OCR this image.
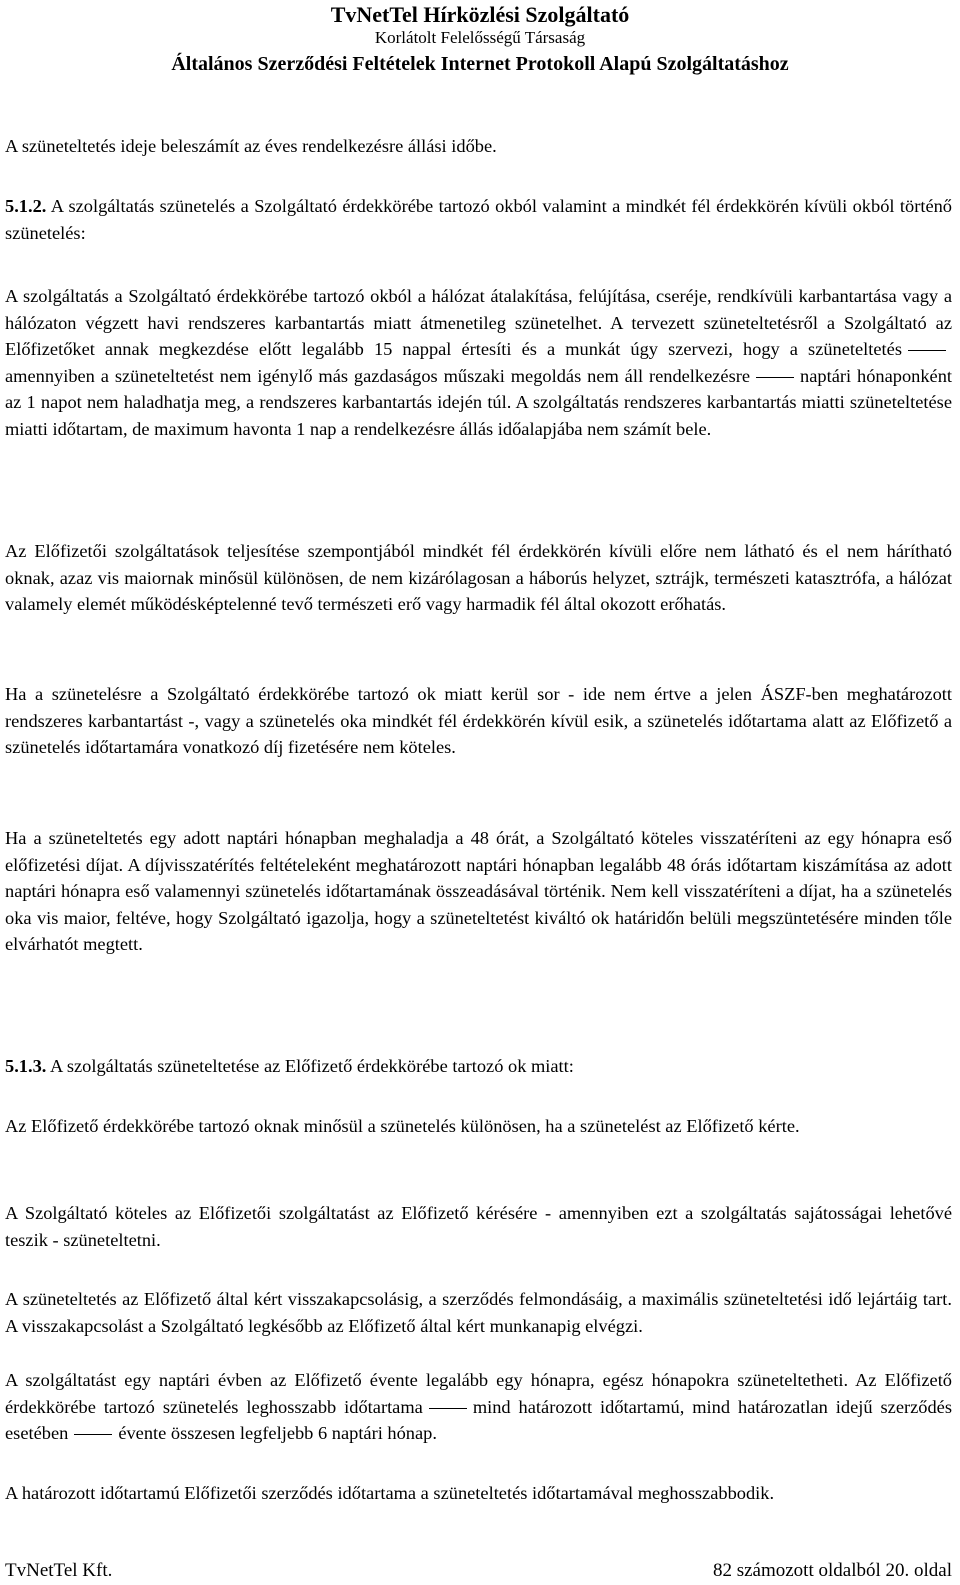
TvNetTel Hírközlési Szolgáltató
Korlátolt Felelősségű Társaság
Általános Szerződési Feltételek Internet Protokoll Alapú Szolgáltatáshoz

A szüneteltetés ideje beleszámít az éves rendelkezésre állási időbe.

5.1.2. A szolgáltatás szünetelés a Szolgáltató érdekkörébe tartozó okból valamint a mindkét fél érdekkörén kívüli okból történő szünetelés:

A szolgáltatás a Szolgáltató érdekkörébe tartozó okból a hálózat átalakítása, felújítása, cseréje, rendkívüli karbantartása vagy a hálózaton végzett havi rendszeres karbantartás miatt átmenetileg szünetelhet. A tervezett szüneteltetésről a Szolgáltató az Előfizetőket annak megkezdése előtt legalább 15 nappal értesíti és a munkát úgy szervezi, hogy a szüneteltetésamennyiben a szüneteltetést nem igénylő más gazdaságos műszaki megoldás nem áll rendelkezésre	naptári hónaponként az 1 napot nem haladhatja meg, a rendszeres karbantartás idején túl. A szolgáltatás rendszeres karbantartás miatti szüneteltetése miatti időtartam, de maximum havonta 1 nap a rendelkezésre állás időalapjába nem számít bele.

Az Előfizetői szolgáltatások teljesítése szempontjából mindkét fél érdekkörén kívüli előre nem látható és el nem hárítható oknak, azaz vis maiornak minősül különösen, de nem kizárólagosan a háborús helyzet, sztrájk, természeti katasztrófa, a hálózat valamely elemét működésképtelenné tevő természeti erő vagy harmadik fél által okozott erőhatás.

Ha a szünetelésre a Szolgáltató érdekkörébe tartozó ok miatt kerül sor - ide nem értve a jelen ÁSZF-ben meghatározott rendszeres karbantartást -, vagy a szünetelés oka mindkét fél érdekkörén kívül esik, a szünetelés időtartama alatt az Előfizető a szünetelés időtartamára vonatkozó díj fizetésére nem köteles.

Ha a szüneteltetés egy adott naptári hónapban meghaladja a 48 órát, a Szolgáltató köteles visszatéríteni az egy hónapra eső előfizetési díjat. A díjvisszatérítés feltételeként meghatározott naptári hónapban legalább 48 órás időtartam kiszámítása az adott naptári hónapra eső valamennyi szünetelés időtartamának összeadásával történik. Nem kell visszatéríteni a díjat, ha a szünetelés oka vis maior, feltéve, hogy Szolgáltató igazolja, hogy a szüneteltetést kiváltó ok határidőn belüli megszüntetésére minden tőle elvárhatót megtett.

5.1.3. A szolgáltatás szüneteltetése az Előfizető érdekkörébe tartozó ok miatt:

Az Előfizető érdekkörébe tartozó oknak minősül a szünetelés különösen, ha a szünetelést az Előfizető kérte.

A Szolgáltató köteles az Előfizetői szolgáltatást az Előfizető kérésére - amennyiben ezt a szolgáltatás sajátosságai lehetővé teszik - szüneteltetni.

A szüneteltetés az Előfizető által kért visszakapcsolásig, a szerződés felmondásáig, a maximális szüneteltetési idő lejártáig tart. A visszakapcsolást a Szolgáltató legkésőbb az Előfizető által kért munkanapig elvégzi.

A szolgáltatást egy naptári évben az Előfizető évente legalább egy hónapra, egész hónapokra szüneteltetheti. Az Előfizető érdekkörébe tartozó szünetelés leghosszabb időtartama	mind határozott időtartamú, mind határozatlan idejű szerződés esetében	évente összesen legfeljebb 6 naptári hónap.

A határozott időtartamú Előfizetői szerződés időtartama a szüneteltetés időtartamával meghosszabbodik.

TvNetTel Kft.	82 számozott oldalból 20. oldal
